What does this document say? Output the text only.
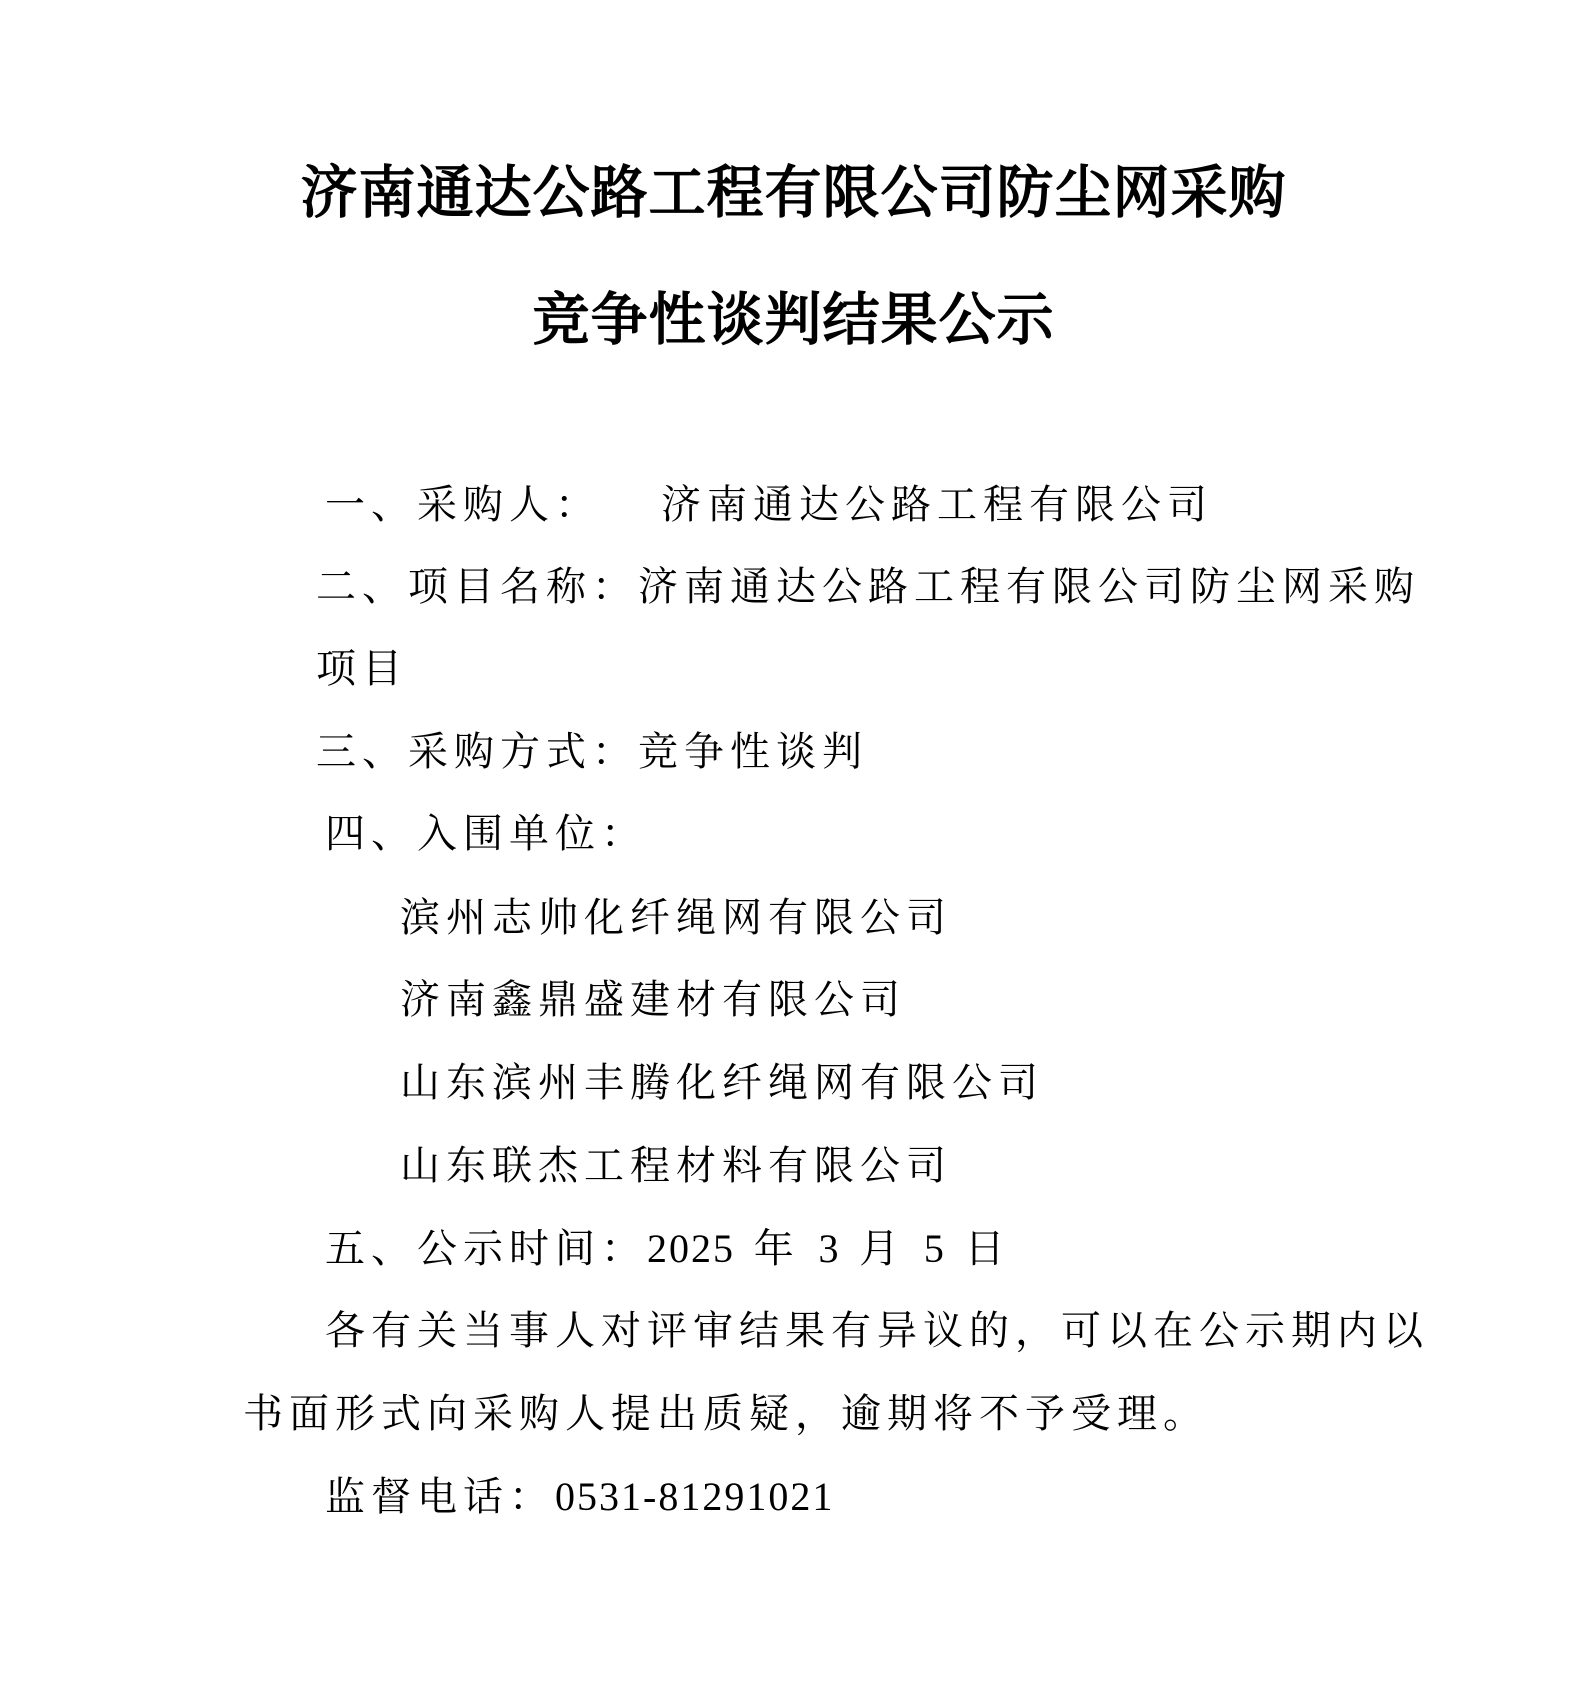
济南通达公路工程有限公司防尘网采购
竞争性谈判结果公示
一、采购人： 济南通达公路工程有限公司
二、项目名称：济南通达公路工程有限公司防尘网采购
项目
三、采购方式：竞争性谈判
四、入围单位：
滨州志帅化纤绳网有限公司
济南鑫鼎盛建材有限公司
山东滨州丰腾化纤绳网有限公司
山东联杰工程材料有限公司
五、公示时间：2025 年 3 月 5 日
各有关当事人对评审结果有异议的，可以在公示期内以
书面形式向采购人提出质疑，逾期将不予受理。
监督电话：0531-81291021
